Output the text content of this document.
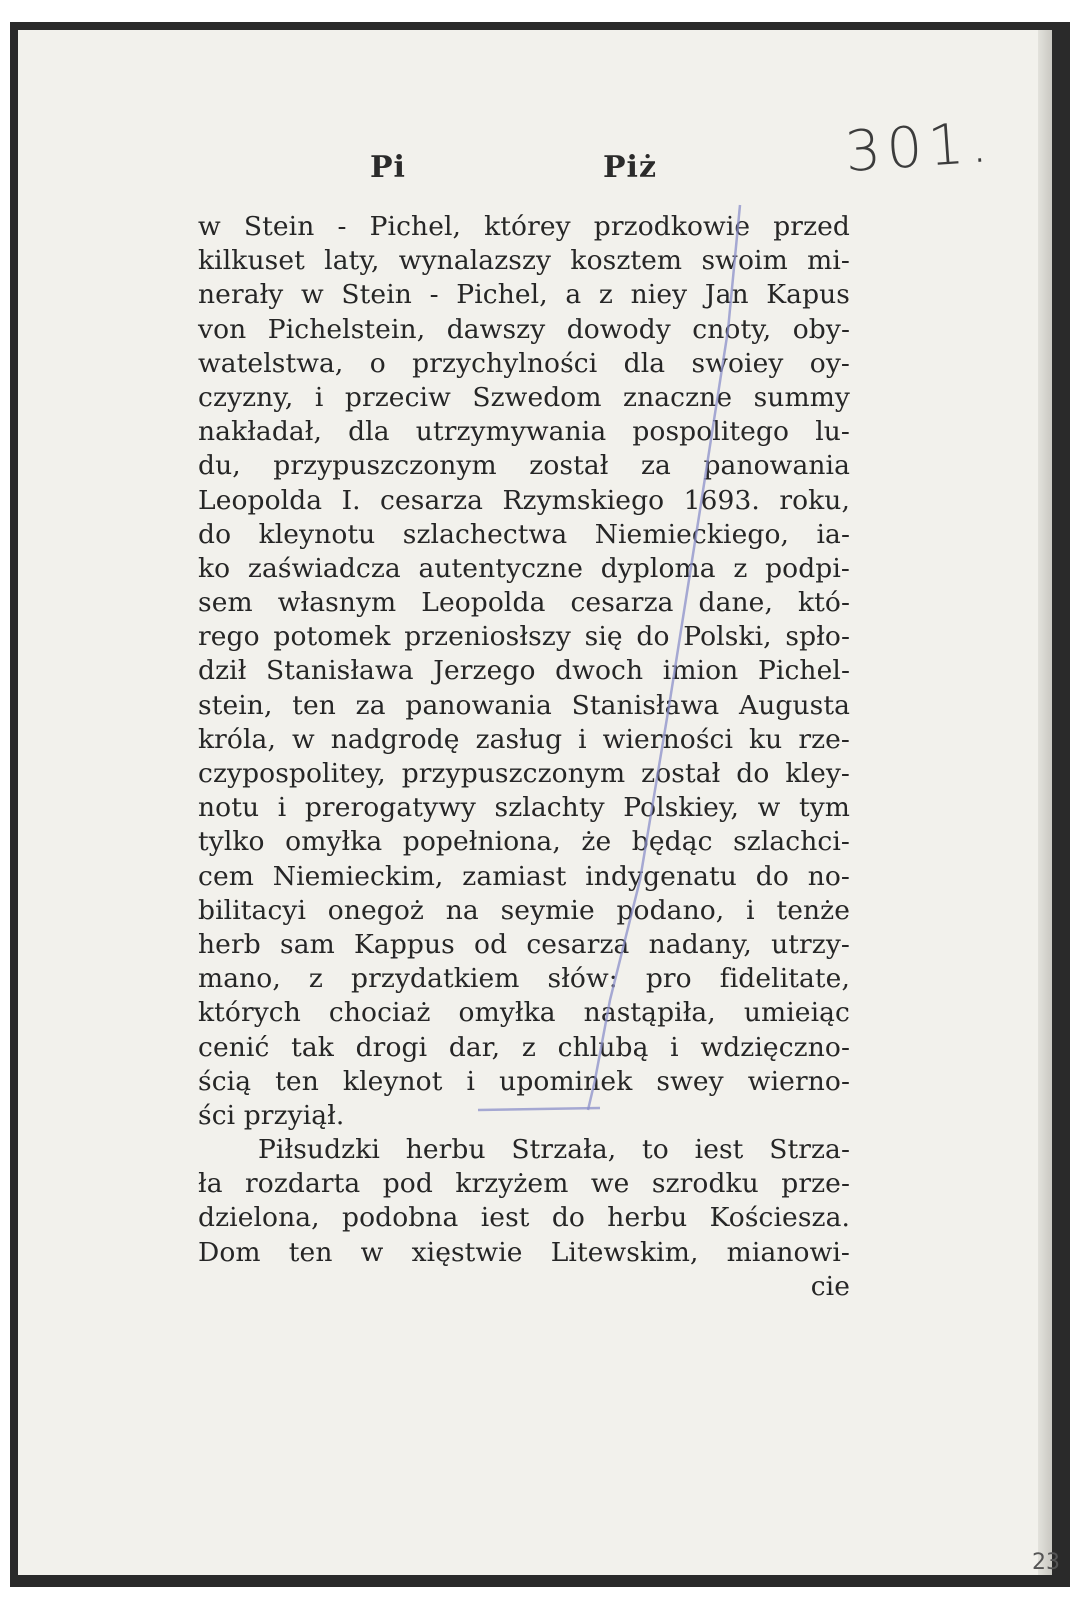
Pi	Piż	301.
w Stein - Pichel, którey przodkowie przed
kilkuset laty, wynalazszy kosztem swoim mi-
nerały w Stein - Pichel, a z niey Jan Kapus
von Pichelstein, dawszy dowody cnoty, oby-
watelstwa, o przychylności dla swoiey oy-
czyzny, i przeciw Szwedom znaczne summy
nakładał, dla utrzymywania pospolitego lu-
du, przypuszczonym został za panowania
Leopolda I. cesarza Rzymskiego 1693. roku,
do kleynotu szlachectwa Niemieckiego, ia-
ko zaświadcza autentyczne dyploma z podpi-
sem własnym Leopolda cesarza dane, któ-
rego potomek przeniosłszy się do Polski, spło-
dził Stanisława Jerzego dwoch imion Pichel-
stein, ten za panowania Stanisława Augusta
króla, w nadgrodę zasług i wierności ku rze-
czypospolitey, przypuszczonym został do kley-
notu i prerogatywy szlachty Polskiey, w tym
tylko omyłka popełniona, że będąc szlachci-
cem Niemieckim, zamiast indygenatu do no-
bilitacyi onegoż na seymie podano, i tenże
herb sam Kappus od cesarza nadany, utrzy-
mano, z przydatkiem słów: pro fidelitate,
których chociaż omyłka nastąpiła, umieiąc
cenić tak drogi dar, z chlubą i wdzięczno-
ścią ten kleynot i upominek swey wierno-
ści przyiął.
Piłsudzki herbu Strzała, to iest Strza-
ła rozdarta pod krzyżem we szrodku prze-
dzielona, podobna iest do herbu Kościesza.
Dom ten w xięstwie Litewskim, mianowi-
cie
23
